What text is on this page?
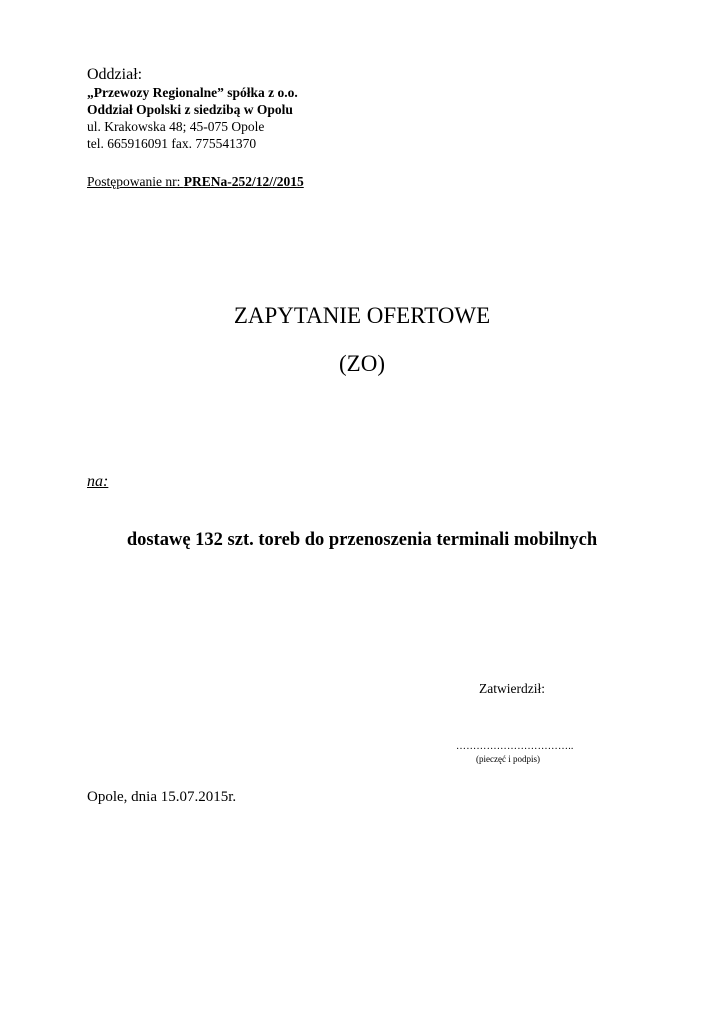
Oddział:
„Przewozy Regionalne” spółka z o.o.
Oddział Opolski z siedzibą w Opolu
ul. Krakowska 48; 45-075 Opole
tel. 665916091 fax. 775541370
Postępowanie nr: PRENa-252/12//2015
ZAPYTANIE OFERTOWE
(ZO)
na:
dostawę 132 szt. toreb do przenoszenia terminali mobilnych
Zatwierdził:
……………………………..
(pieczęć i podpis)
Opole, dnia 15.07.2015r.
